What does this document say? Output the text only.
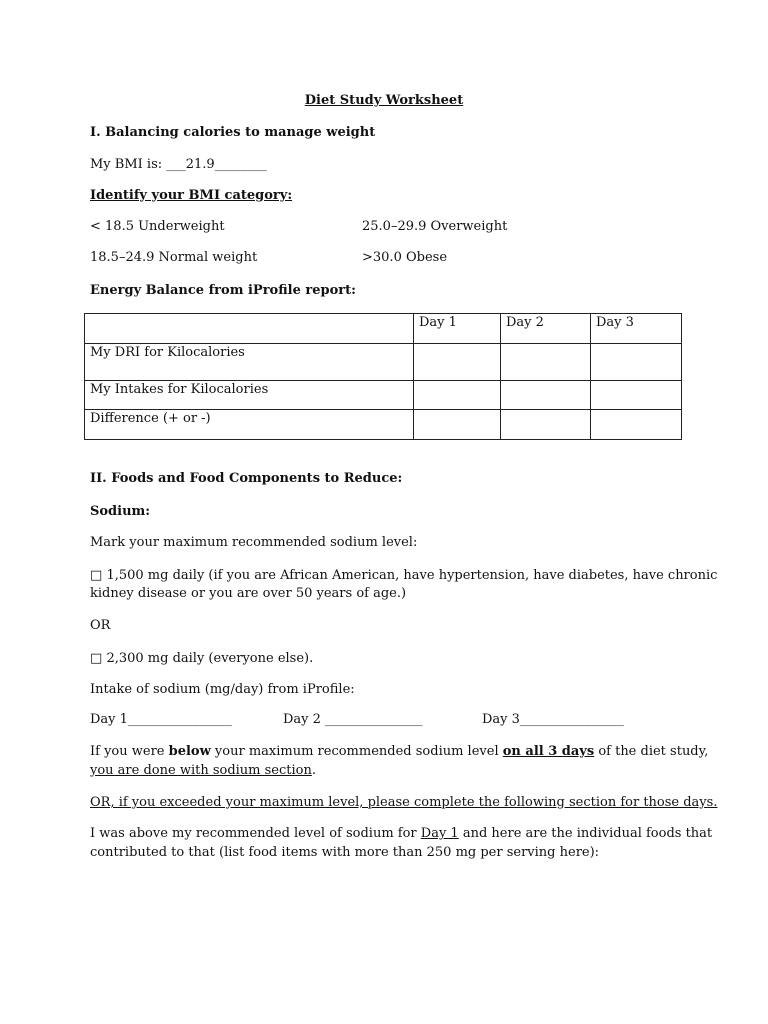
Diet Study Worksheet
I. Balancing calories to manage weight
My BMI is: ___21.9________
Identify your BMI category:
< 18.5 Underweight	25.0–29.9 Overweight
18.5–24.9 Normal weight	>30.0 Obese
Energy Balance from iProfile report:
	Day 1	Day 2	Day 3
My DRI for Kilocalories			
My Intakes for Kilocalories			
Difference (+ or -)			
II. Foods and Food Components to Reduce:
Sodium:
Mark your maximum recommended sodium level:
□ 1,500 mg daily (if you are African American, have hypertension, have diabetes, have chronic
kidney disease or you are over 50 years of age.)
OR
□ 2,300 mg daily (everyone else).
Intake of sodium (mg/day) from iProfile:
Day 1________________	Day 2 _______________	Day 3________________
If you were below your maximum recommended sodium level on all 3 days of the diet study,
you are done with sodium section.
OR, if you exceeded your maximum level, please complete the following section for those days.
I was above my recommended level of sodium for Day 1 and here are the individual foods that
contributed to that (list food items with more than 250 mg per serving here):
